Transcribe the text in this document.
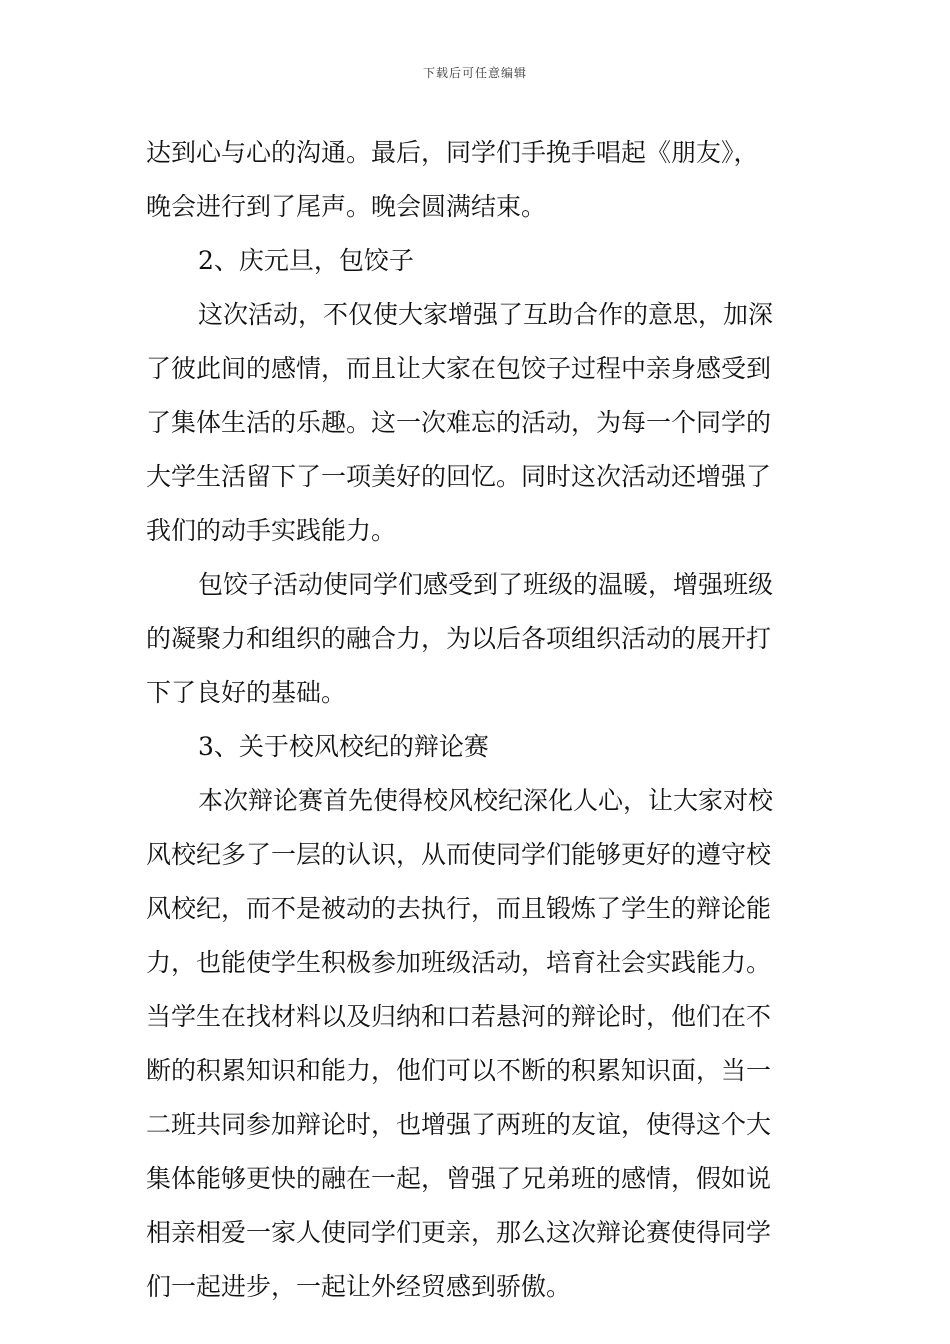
下载后可任意编辑
达到心与心的沟通。最后，同学们手挽手唱起《朋友》，
晚会进行到了尾声。晚会圆满结束。
2、庆元旦，包饺子
这次活动，不仅使大家增强了互助合作的意思，加深
了彼此间的感情，而且让大家在包饺子过程中亲身感受到
了集体生活的乐趣。这一次难忘的活动，为每一个同学的
大学生活留下了一项美好的回忆。同时这次活动还增强了
我们的动手实践能力。
包饺子活动使同学们感受到了班级的温暖，增强班级
的凝聚力和组织的融合力，为以后各项组织活动的展开打
下了良好的基础。
3、关于校风校纪的辩论赛
本次辩论赛首先使得校风校纪深化人心，让大家对校
风校纪多了一层的认识，从而使同学们能够更好的遵守校
风校纪，而不是被动的去执行，而且锻炼了学生的辩论能
力，也能使学生积极参加班级活动，培育社会实践能力。
当学生在找材料以及归纳和口若悬河的辩论时，他们在不
断的积累知识和能力，他们可以不断的积累知识面，当一
二班共同参加辩论时，也增强了两班的友谊，使得这个大
集体能够更快的融在一起，曾强了兄弟班的感情，假如说
相亲相爱一家人使同学们更亲，那么这次辩论赛使得同学
们一起进步，一起让外经贸感到骄傲。
